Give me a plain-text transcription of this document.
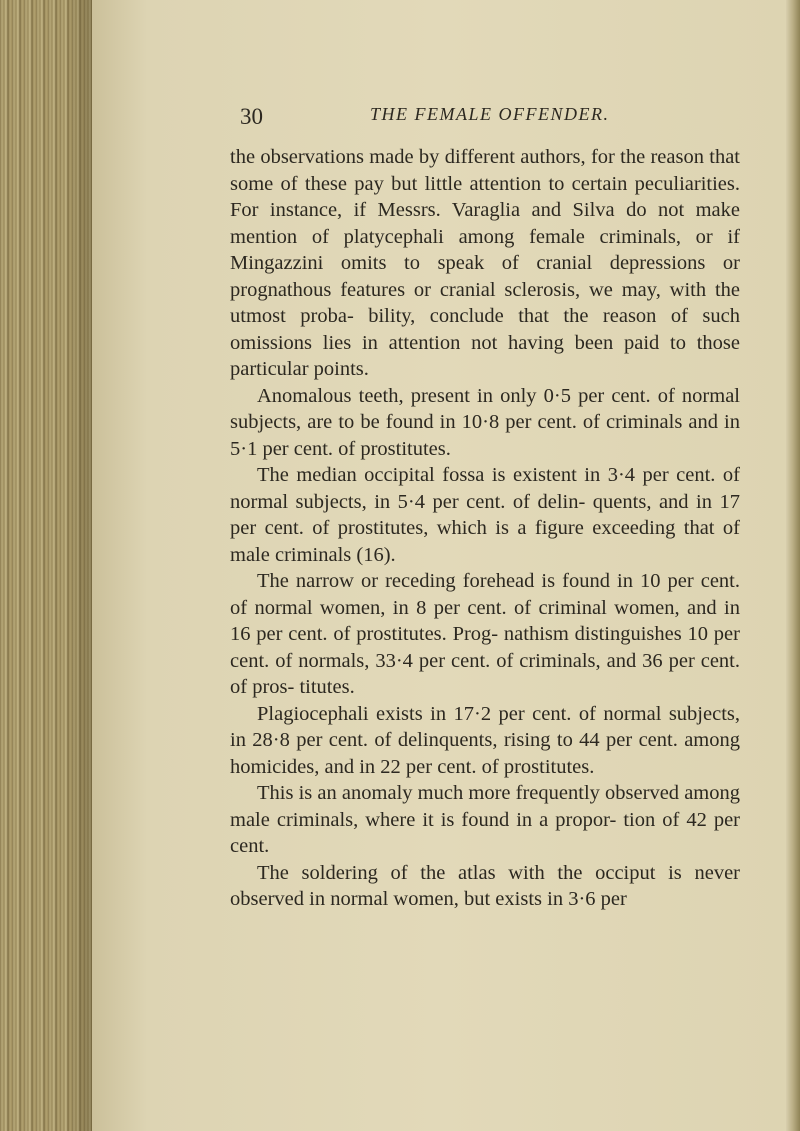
30	THE FEMALE OFFENDER.

the observations made by different authors, for the reason that some of these pay but little attention to certain peculiarities. For instance, if Messrs. Varaglia and Silva do not make mention of platycephali among female criminals, or if Mingazzini omits to speak of cranial depressions or prognathous features or cranial sclerosis, we may, with the utmost proba- bility, conclude that the reason of such omissions lies in attention not having been paid to those particular points.

Anomalous teeth, present in only 0·5 per cent. of normal subjects, are to be found in 10·8 per cent. of criminals and in 5·1 per cent. of prostitutes.

The median occipital fossa is existent in 3·4 per cent. of normal subjects, in 5·4 per cent. of delin- quents, and in 17 per cent. of prostitutes, which is a figure exceeding that of male criminals (16).

The narrow or receding forehead is found in 10 per cent. of normal women, in 8 per cent. of criminal women, and in 16 per cent. of prostitutes. Prog- nathism distinguishes 10 per cent. of normals, 33·4 per cent. of criminals, and 36 per cent. of pros- titutes.

Plagiocephali exists in 17·2 per cent. of normal subjects, in 28·8 per cent. of delinquents, rising to 44 per cent. among homicides, and in 22 per cent. of prostitutes.

This is an anomaly much more frequently observed among male criminals, where it is found in a propor- tion of 42 per cent.

The soldering of the atlas with the occiput is never observed in normal women, but exists in 3·6 per
